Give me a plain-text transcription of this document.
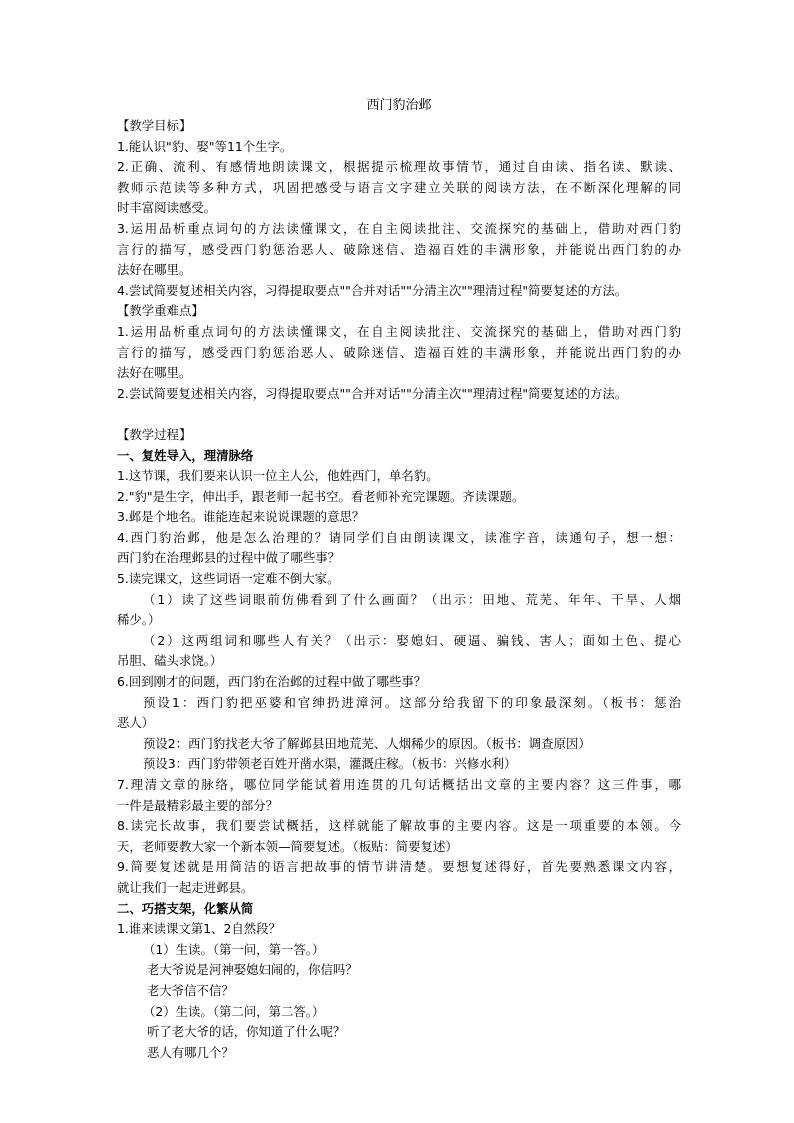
西门豹治邺
【教学目标】
1.能认识"豹、娶"等11个生字。
2.正确、流利、有感情地朗读课文，根据提示梳理故事情节，通过自由读、指名读、默读、
教师示范读等多种方式，巩固把感受与语言文字建立关联的阅读方法，在不断深化理解的同
时丰富阅读感受。
3.运用品析重点词句的方法读懂课文，在自主阅读批注、交流探究的基础上，借助对西门豹
言行的描写，感受西门豹惩治恶人、破除迷信、造福百姓的丰满形象，并能说出西门豹的办
法好在哪里。
4.尝试简要复述相关内容，习得提取要点""合并对话""分清主次""理清过程"简要复述的方法。
【教学重难点】
1.运用品析重点词句的方法读懂课文，在自主阅读批注、交流探究的基础上，借助对西门豹
言行的描写，感受西门豹惩治恶人、破除迷信、造福百姓的丰满形象，并能说出西门豹的办
法好在哪里。
2.尝试简要复述相关内容，习得提取要点""合并对话""分清主次""理清过程"简要复述的方法。
【教学过程】
一、复姓导入，理清脉络
1.这节课，我们要来认识一位主人公，他姓西门，单名豹。
2."豹"是生字，伸出手，跟老师一起书空。看老师补充完课题。齐读课题。
3.邺是个地名。谁能连起来说说课题的意思？
4.西门豹治邺，他是怎么治理的？请同学们自由朗读课文，读准字音，读通句子，想一想：
西门豹在治理邺县的过程中做了哪些事？
5.读完课文，这些词语一定难不倒大家。
（1）读了这些词眼前仿佛看到了什么画面？（出示：田地、荒芜、年年、干旱、人烟
稀少。）
（2）这两组词和哪些人有关？（出示：娶媳妇、硬逼、骗钱、害人；面如土色、提心
吊胆、磕头求饶。）
6.回到刚才的问题，西门豹在治邺的过程中做了哪些事？
预设1：西门豹把巫婆和官绅扔进漳河。这部分给我留下的印象最深刻。（板书：惩治
恶人）
预设2：西门豹找老大爷了解邺县田地荒芜、人烟稀少的原因。（板书：调查原因）
预设3：西门豹带领老百姓开凿水渠，灌溉庄稼。（板书：兴修水利）
7.理清文章的脉络，哪位同学能试着用连贯的几句话概括出文章的主要内容？这三件事，哪
一件是最精彩最主要的部分？
8.读完长故事，我们要尝试概括，这样就能了解故事的主要内容。这是一项重要的本领。今
天，老师要教大家一个新本领—简要复述。（板贴：简要复述）
9.简要复述就是用简洁的语言把故事的情节讲清楚。要想复述得好，首先要熟悉课文内容，
就让我们一起走进邺县。
二、巧搭支架，化繁从简
1.谁来读课文第1、2自然段？
（1）生读。（第一问，第一答。）
老大爷说是河神娶媳妇闹的，你信吗？
老大爷信不信？
（2）生读。（第二问，第二答。）
听了老大爷的话，你知道了什么呢？
恶人有哪几个？
